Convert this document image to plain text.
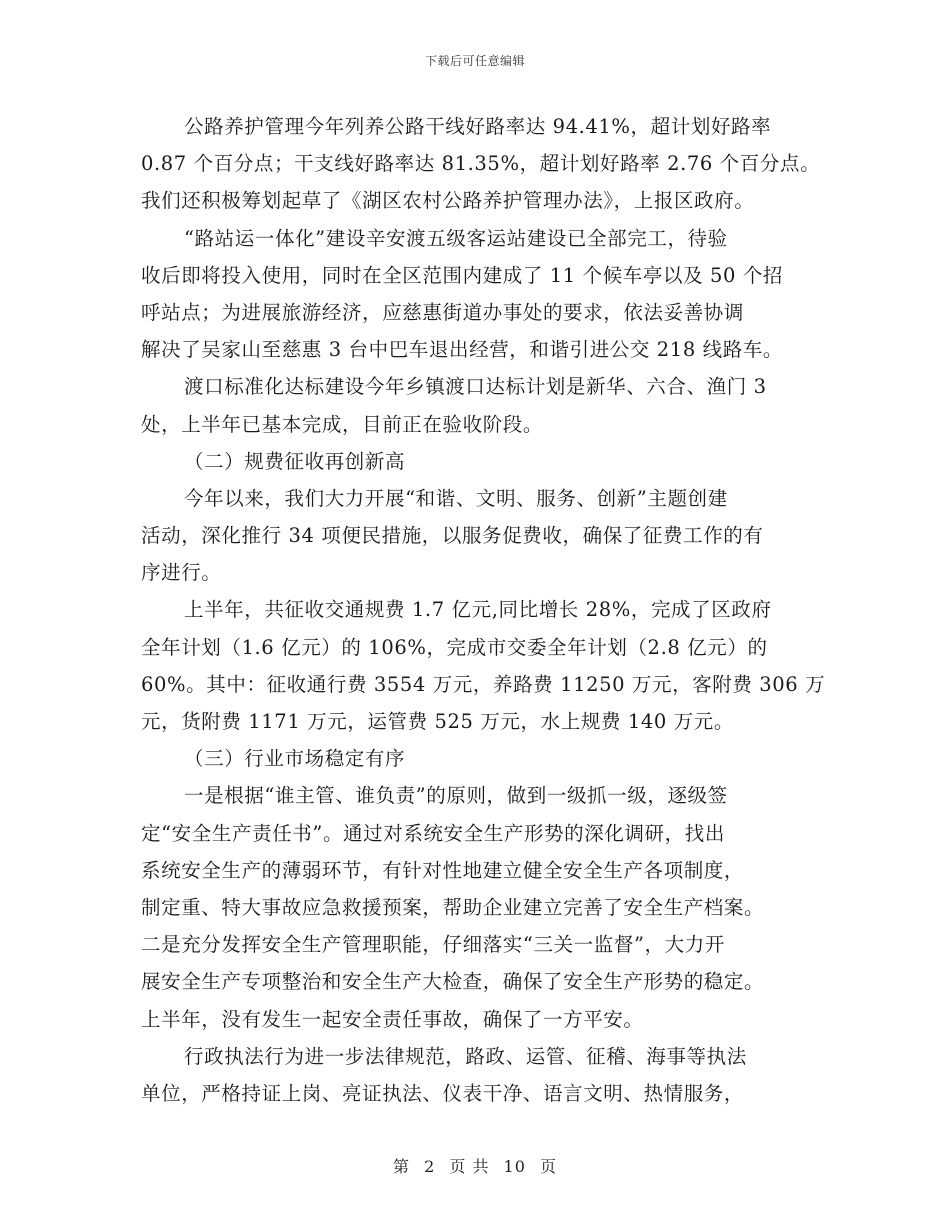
下载后可任意编辑
公路养护管理今年列养公路干线好路率达 94.41%，超计划好路率
0.87 个百分点；干支线好路率达 81.35%，超计划好路率 2.76 个百分点。
我们还积极筹划起草了《湖区农村公路养护管理办法》，上报区政府。
“路站运一体化”建设辛安渡五级客运站建设已全部完工，待验
收后即将投入使用，同时在全区范围内建成了 11 个候车亭以及 50 个招
呼站点；为进展旅游经济，应慈惠街道办事处的要求，依法妥善协调
解决了吴家山至慈惠 3 台中巴车退出经营，和谐引进公交 218 线路车。
渡口标准化达标建设今年乡镇渡口达标计划是新华、六合、渔门 3
处，上半年已基本完成，目前正在验收阶段。
（二）规费征收再创新高
今年以来，我们大力开展“和谐、文明、服务、创新”主题创建
活动，深化推行 34 项便民措施，以服务促费收，确保了征费工作的有
序进行。
上半年，共征收交通规费 1.7 亿元,同比增长 28%，完成了区政府
全年计划（1.6 亿元）的 106%，完成市交委全年计划（2.8 亿元）的
60%。其中：征收通行费 3554 万元，养路费 11250 万元，客附费 306 万
元，货附费 1171 万元，运管费 525 万元，水上规费 140 万元。
（三）行业市场稳定有序
一是根据“谁主管、谁负责”的原则，做到一级抓一级，逐级签
定“安全生产责任书”。通过对系统安全生产形势的深化调研，找出
系统安全生产的薄弱环节，有针对性地建立健全安全生产各项制度，
制定重、特大事故应急救援预案，帮助企业建立完善了安全生产档案。
二是充分发挥安全生产管理职能，仔细落实“三关一监督”，大力开
展安全生产专项整治和安全生产大检查，确保了安全生产形势的稳定。
上半年，没有发生一起安全责任事故，确保了一方平安。
行政执法行为进一步法律规范，路政、运管、征稽、海事等执法
单位，严格持证上岗、亮证执法、仪表干净、语言文明、热情服务，
第 2 页 共 10 页
